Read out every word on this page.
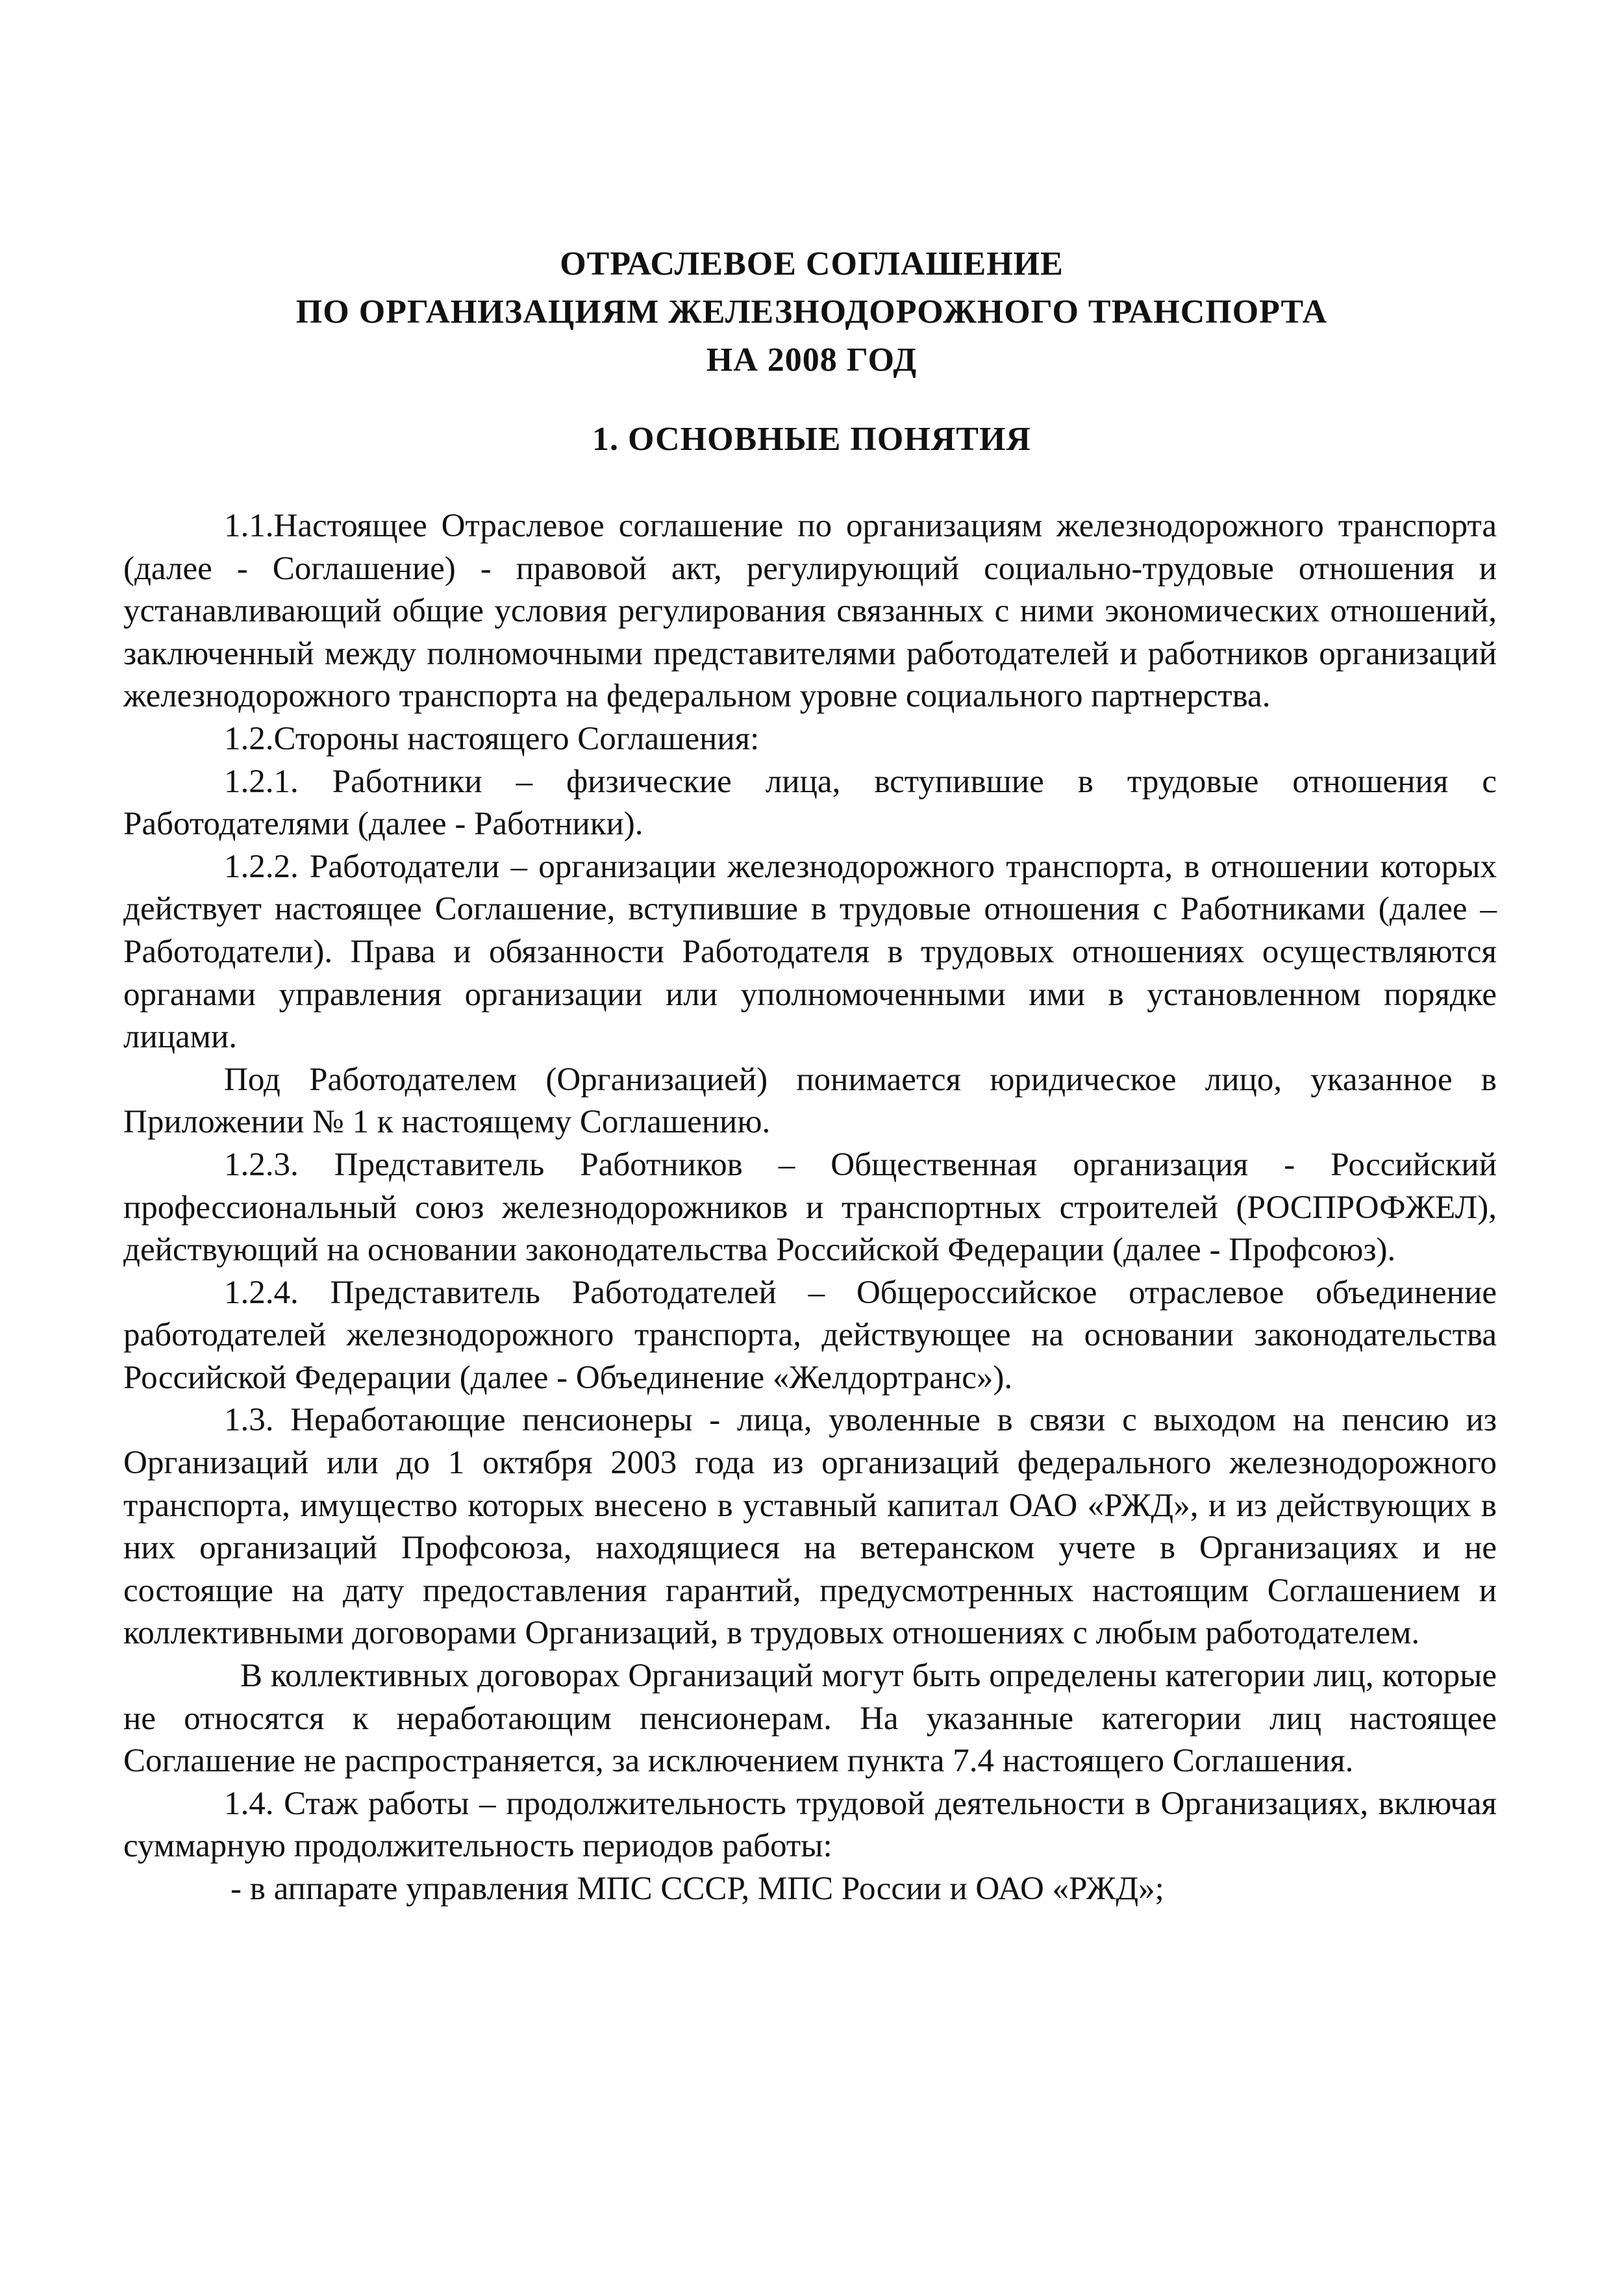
ОТРАСЛЕВОЕ СОГЛАШЕНИЕ
ПО ОРГАНИЗАЦИЯМ ЖЕЛЕЗНОДОРОЖНОГО ТРАНСПОРТА
НА 2008 ГОД
1. ОСНОВНЫЕ ПОНЯТИЯ

1.1.Настоящее Отраслевое соглашение по организациям железнодорожного транспорта (далее - Соглашение) - правовой акт, регулирующий социально-трудовые отношения и устанавливающий общие условия регулирования связанных с ними экономических отношений, заключенный между полномочными представителями работодателей и работников организаций железнодорожного транспорта на федеральном уровне социального партнерства.

1.2.Стороны настоящего Соглашения:

1.2.1. Работники – физические лица, вступившие в трудовые отношения с Работодателями (далее - Работники).

1.2.2. Работодатели – организации железнодорожного транспорта, в отношении которых действует настоящее Соглашение, вступившие в трудовые отношения с Работниками (далее – Работодатели). Права и обязанности Работодателя в трудовых отношениях осуществляются органами управления организации или уполномоченными ими в установленном порядке лицами.

Под Работодателем (Организацией) понимается юридическое лицо, указанное в Приложении № 1 к настоящему Соглашению.

1.2.3. Представитель Работников – Общественная организация - Российский профессиональный союз железнодорожников и транспортных строителей (РОСПРОФЖЕЛ), действующий на основании законодательства Российской Федерации (далее - Профсоюз).

1.2.4. Представитель Работодателей – Общероссийское отраслевое объединение работодателей железнодорожного транспорта, действующее на основании законодательства Российской Федерации (далее - Объединение «Желдортранс»).

1.3. Неработающие пенсионеры - лица, уволенные в связи с выходом на пенсию из Организаций или до 1 октября 2003 года из организаций федерального железнодорожного транспорта, имущество которых внесено в уставный капитал ОАО «РЖД», и из действующих в них организаций Профсоюза, находящиеся на ветеранском учете в Организациях и не состоящие на дату предоставления гарантий, предусмотренных настоящим Соглашением и коллективными договорами Организаций, в трудовых отношениях с любым работодателем.

В коллективных договорах Организаций могут быть определены категории лиц, которые не относятся к неработающим пенсионерам. На указанные категории лиц настоящее Соглашение не распространяется, за исключением пункта 7.4 настоящего Соглашения.

1.4. Стаж работы – продолжительность трудовой деятельности в Организациях, включая суммарную продолжительность периодов работы:

- в аппарате управления МПС СССР, МПС России и ОАО «РЖД»;
